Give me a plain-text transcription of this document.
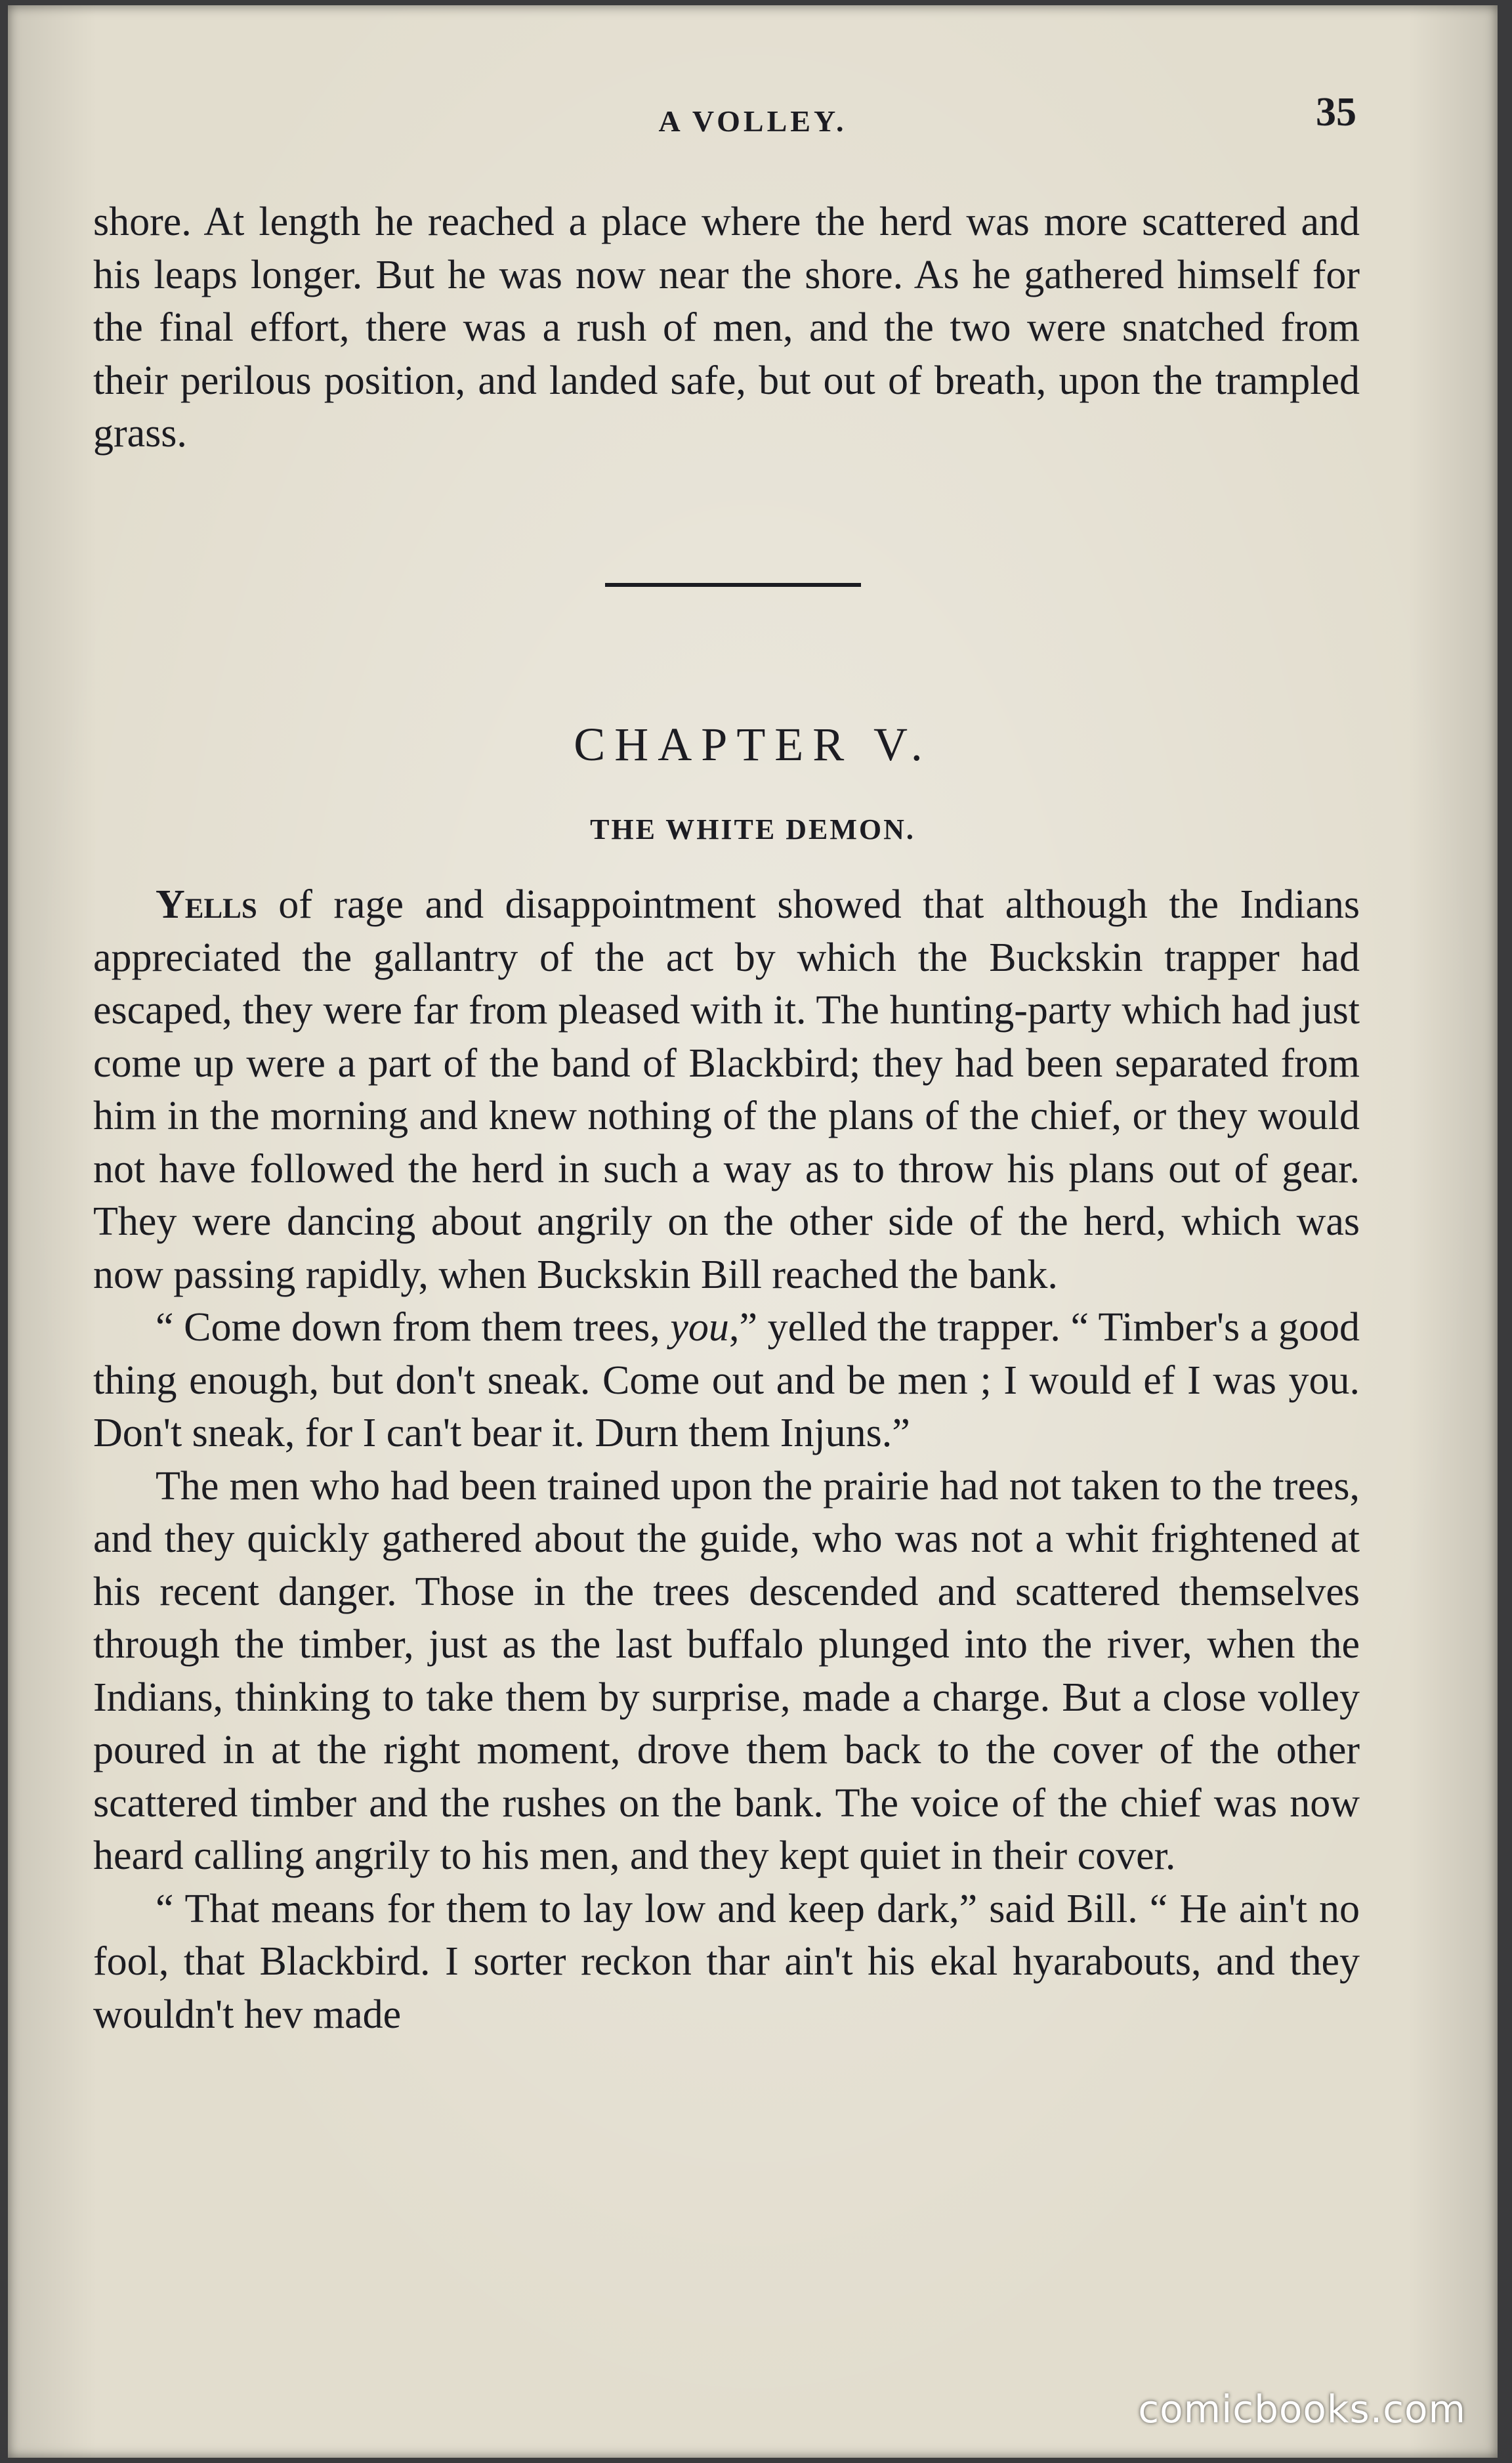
A VOLLEY.	35

shore. At length he reached a place where the herd was more scattered and his leaps longer. But he was now near the shore. As he gathered himself for the final effort, there was a rush of men, and the two were snatched from their perilous position, and landed safe, but out of breath, upon the trampled grass.

CHAPTER V.
THE WHITE DEMON.

Yells of rage and disappointment showed that although the Indians appreciated the gallantry of the act by which the Buckskin trapper had escaped, they were far from pleased with it. The hunting-party which had just come up were a part of the band of Blackbird; they had been separated from him in the morning and knew nothing of the plans of the chief, or they would not have followed the herd in such a way as to throw his plans out of gear. They were dancing about angrily on the other side of the herd, which was now passing rapidly, when Buckskin Bill reached the bank.

“ Come down from them trees, you,” yelled the trapper. “ Timber's a good thing enough, but don't sneak. Come out and be men ; I would ef I was you. Don't sneak, for I can't bear it. Durn them Injuns.”

The men who had been trained upon the prairie had not taken to the trees, and they quickly gathered about the guide, who was not a whit frightened at his recent danger. Those in the trees descended and scattered themselves through the timber, just as the last buffalo plunged into the river, when the Indians, thinking to take them by surprise, made a charge. But a close volley poured in at the right moment, drove them back to the cover of the other scattered timber and the rushes on the bank. The voice of the chief was now heard calling angrily to his men, and they kept quiet in their cover.

“ That means for them to lay low and keep dark,” said Bill. “ He ain't no fool, that Blackbird. I sorter reckon thar ain't his ekal hyarabouts, and they wouldn't hev made

comicbooks.com
